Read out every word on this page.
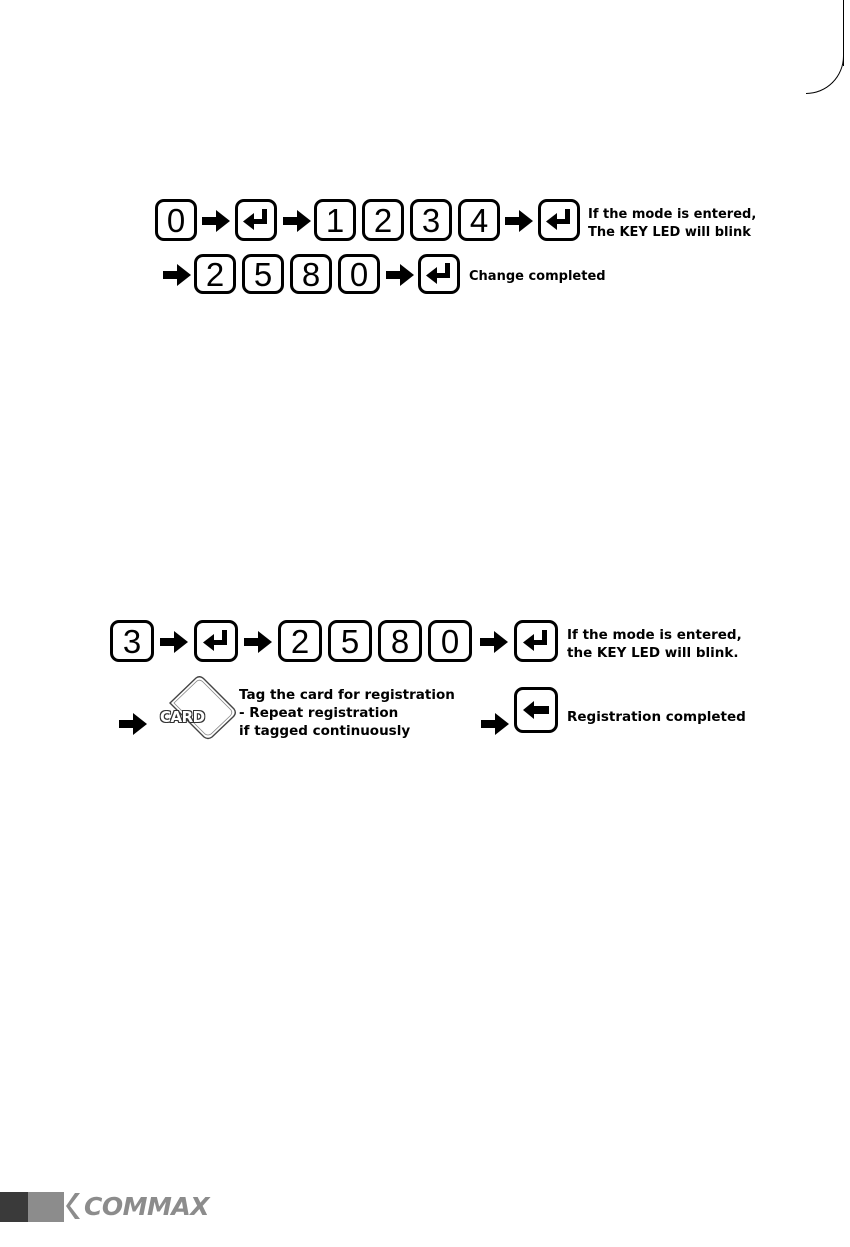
0	1 2 3 4	If the mode is entered,
The KEY LED will blink
2 5 8 0	Change completed
3	2 5 8 0	If the mode is entered,
the KEY LED will blink.
CARD
Tag the card for registration
- Repeat registration
if tagged continuously
Registration completed
COMMAX
